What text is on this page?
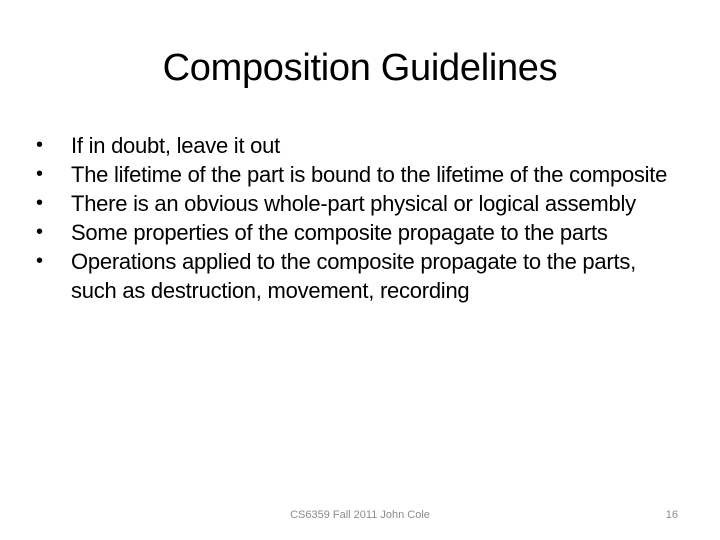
Composition Guidelines
•	If in doubt, leave it out
•	The lifetime of the part is bound to the lifetime of the composite
•	There is an obvious whole-part physical or logical assembly
•	Some properties of the composite propagate to the parts
•	Operations applied to the composite propagate to the parts, such as destruction, movement, recording
CS6359 Fall 2011 John Cole	16
